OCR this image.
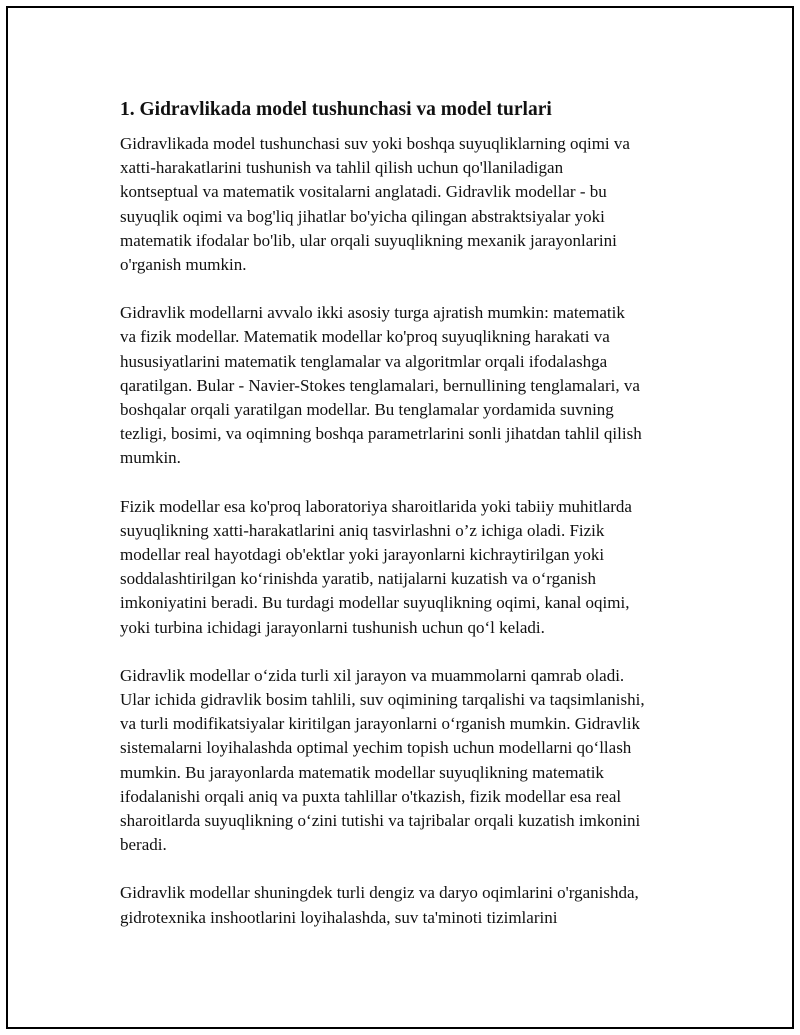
1. Gidravlikada model tushunchasi va model turlari
Gidravlikada model tushunchasi suv yoki boshqa suyuqliklarning oqimi va
xatti-harakatlarini tushunish va tahlil qilish uchun qo'llaniladigan
kontseptual va matematik vositalarni anglatadi. Gidravlik modellar - bu
suyuqlik oqimi va bog'liq jihatlar bo'yicha qilingan abstraktsiyalar yoki
matematik ifodalar bo'lib, ular orqali suyuqlikning mexanik jarayonlarini
o'rganish mumkin.
Gidravlik modellarni avvalo ikki asosiy turga ajratish mumkin: matematik
va fizik modellar. Matematik modellar ko'proq suyuqlikning harakati va
hususiyatlarini matematik tenglamalar va algoritmlar orqali ifodalashga
qaratilgan. Bular - Navier-Stokes tenglamalari, bernullining tenglamalari, va
boshqalar orqali yaratilgan modellar. Bu tenglamalar yordamida suvning
tezligi, bosimi, va oqimning boshqa parametrlarini sonli jihatdan tahlil qilish
mumkin.
Fizik modellar esa ko'proq laboratoriya sharoitlarida yoki tabiiy muhitlarda
suyuqlikning xatti-harakatlarini aniq tasvirlashni o’z ichiga oladi. Fizik
modellar real hayotdagi ob'ektlar yoki jarayonlarni kichraytirilgan yoki
soddalashtirilgan ko‘rinishda yaratib, natijalarni kuzatish va o‘rganish
imkoniyatini beradi. Bu turdagi modellar suyuqlikning oqimi, kanal oqimi,
yoki turbina ichidagi jarayonlarni tushunish uchun qo‘l keladi.
Gidravlik modellar o‘zida turli xil jarayon va muammolarni qamrab oladi.
Ular ichida gidravlik bosim tahlili, suv oqimining tarqalishi va taqsimlanishi,
va turli modifikatsiyalar kiritilgan jarayonlarni o‘rganish mumkin. Gidravlik
sistemalarni loyihalashda optimal yechim topish uchun modellarni qo‘llash
mumkin. Bu jarayonlarda matematik modellar suyuqlikning matematik
ifodalanishi orqali aniq va puxta tahlillar o'tkazish, fizik modellar esa real
sharoitlarda suyuqlikning o‘zini tutishi va tajribalar orqali kuzatish imkonini
beradi.
Gidravlik modellar shuningdek turli dengiz va daryo oqimlarini o'rganishda,
gidrotexnika inshootlarini loyihalashda, suv ta'minoti tizimlarini
